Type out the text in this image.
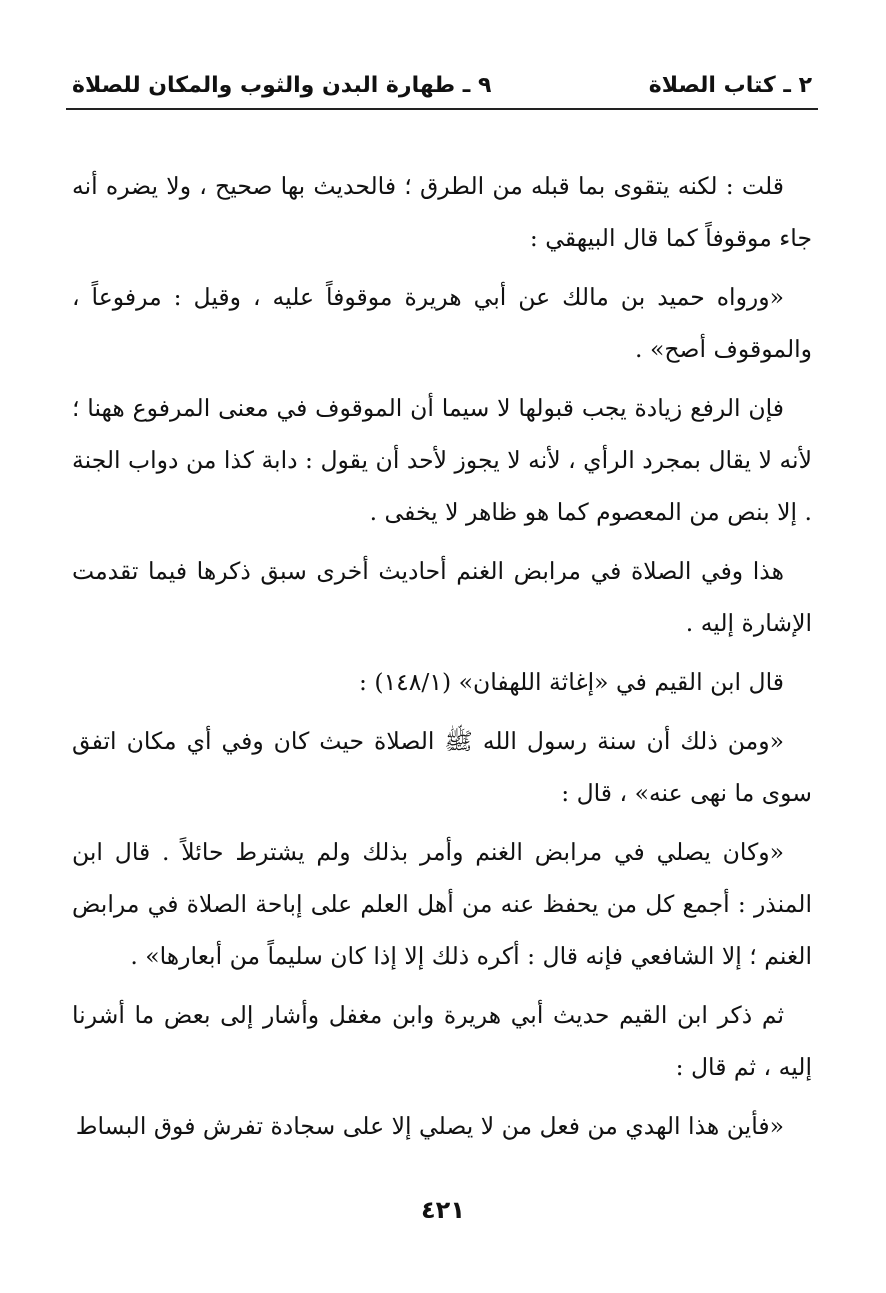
٢ ـ كتاب الصلاة
٩ ـ طهارة البدن والثوب والمكان للصلاة

قلت : لكنه يتقوى بما قبله من الطرق ؛ فالحديث بها صحيح ، ولا يضره أنه جاء موقوفاً كما قال البيهقي :

«ورواه حميد بن مالك عن أبي هريرة موقوفاً عليه ، وقيل : مرفوعاً ، والموقوف أصح» .

فإن الرفع زيادة يجب قبولها لا سيما أن الموقوف في معنى المرفوع ههنا ؛ لأنه لا يقال بمجرد الرأي ، لأنه لا يجوز لأحد أن يقول : دابة كذا من دواب الجنة . إلا بنص من المعصوم كما هو ظاهر لا يخفى .

هذا وفي الصلاة في مرابض الغنم أحاديث أخرى سبق ذكرها فيما تقدمت الإشارة إليه .

قال ابن القيم في «إغاثة اللهفان» (١٤٨/١) :

«ومن ذلك أن سنة رسول الله ﷺ الصلاة حيث كان وفي أي مكان اتفق سوى ما نهى عنه» ، قال :

«وكان يصلي في مرابض الغنم وأمر بذلك ولم يشترط حائلاً . قال ابن المنذر : أجمع كل من يحفظ عنه من أهل العلم على إباحة الصلاة في مرابض الغنم ؛ إلا الشافعي فإنه قال : أكره ذلك إلا إذا كان سليماً من أبعارها» .

ثم ذكر ابن القيم حديث أبي هريرة وابن مغفل وأشار إلى بعض ما أشرنا إليه ، ثم قال :

«فأين هذا الهدي من فعل من لا يصلي إلا على سجادة تفرش فوق البساط

٤٢١
